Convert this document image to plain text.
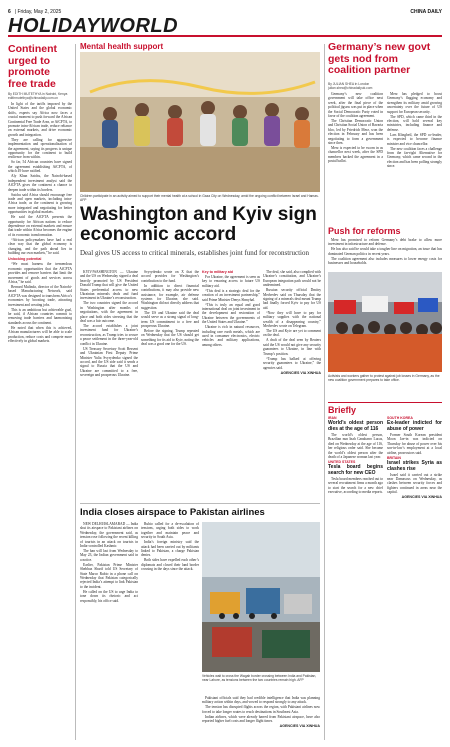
6 | Friday, May 2, 2025	CHINA DAILY
HOLIDAYWORLD
Continent urged to promote free trade
By EDITH MUTETHYA in Nairobi, Kenya
edithmutethya@chinadaily.com.cn

In light of the tariffs imposed by the United States and the global economic shifts, experts say Africa now faces a crucial moment to push forward the African Continental Free Trade Area, or AfCFTA, to promote intra-African trade, reduce reliance on external markets, and drive economic growth and integration.

They are calling for aggressive implementation and operationalization of the agreement, saying its progress is unique opportunity for the continent to build resilience from within.

So far, 54 African countries have signed the agreement establishing AfCFTA, of which 49 have ratified.

Aly Khan Satchu, the Nairobi-based independent investment analyst said the AfCFTA gives the continent a chance to deepen trade within its borders.

Satchu said Africa should encourage free trade and open markets, including intra-Africa trade, as the continent is growing more integrated and negotiating for better opportunities in global markets.

He said the AfCFTA presents the opportunity for African nations to reduce dependence on external markets and ensure that trade within Africa becomes the engine of its economic transformation.

“African policymakers have had a real clear way that the global economy is changing, and the path ahead lies in building our own markets,” he said.

Unlocking potential

“We must harness the tremendous economic opportunities that the AfCFTA provides and remove barriers that limit the movement of goods and services across Africa,” he said.

Bernard Mulinda, director of the Nairobi-based Manufacturing Network, said AfCFTA was designed to transform Africa’s economies by boosting trade, attracting investment and creating jobs.

This is an ambitious but achievable goal, he said, if African countries commit to removing trade barriers and harmonizing standards across the continent.

He noted that when this is achieved, African manufacturers will be able to scale production, reduce costs and compete more effectively in global markets.

Mental health support
Children participate in an activity aimed to support their mental health at a school in Gaza City on Wednesday, amid the ongoing conflict between Israel and Hamas. AFP
Washington and Kyiv sign economic accord
Deal gives US access to critical minerals, establishes joint fund for reconstruction

KYIV/WASHINGTON — Ukraine and the US on Wednesday signed a deal heavily promoted by US President Donald Trump that will give the United States preferential access to new Ukrainian minerals deals and fund investment in Ukraine’s reconstruction.

The two countries signed the accord in Washington after months of negotiations, with the agreement in place and both sides stressing that the deal was a fair outcome.

The accord establishes a joint investment fund for Ukraine’s reconstruction, as Trump tries to secure a peace settlement in the three-year-old conflict in Ukraine.

US Treasury Secretary Scott Bessent and Ukrainian First Deputy Prime Minister Yulia Svyrydenko signed the accord, and the US side said it sends a signal to Russia that the US and Ukraine are committed to a free, sovereign and prosperous Ukraine.

Svyrydenko wrote on X that the accord provides for Washington’s contribution to the fund.

In addition to direct financial contributions, it may also provide new assistance, for example, air defense systems for Ukraine, she said. Washington did not directly address that suggestion.

The US and Ukraine said the deal would serve as a strong signal of long-term US commitment to a free and prosperous Ukraine.

Before the signing, Trump repeated on Wednesday that the US should get something for its aid to Kyiv, noting the deal was a good one for the US.

Key to military aid

For Ukraine, the agreement is seen as key to ensuring access to future US military aid.

“This deal is a strategic deal for the creation of an investment partnership,” said Prime Minister Denys Shmyhal.

“This is truly an equal and good international deal on joint investment in the development and restoration of Ukraine between the governments of the United States and Ukraine.”

Ukraine is rich in natural resources, including rare earth metals, which are used in consumer electronics, electric vehicles and military applications, among others.

The deal, she said, also complied with Ukraine’s constitution, and Ukraine’s European integration path would not be undermined.

Russian security official Dmitry Medvedev said on Thursday that the signing of a minerals deal meant Trump had finally forced Kyiv to pay for US aid.

“Now they will have to pay for military supplies with the national wealth of a disappearing country,” Medvedev wrote on Telegram.

The US and Kyiv are yet to comment on the deal.

A draft of the deal seen by Reuters said the US would not give any security guarantees to Ukraine, in line with Trump’s position.

“Trump has balked at offering security guarantees to Ukraine,” the agencies said.

AGENCIES VIA XINHUA

India closes airspace to Pakistan airlines

NEW DELHI/ISLAMABAD — India shut its airspace to Pakistani airlines on Wednesday, the government said, as tension rose following the recent killing of tourists in an attack on tourists in India-controlled Kashmir.

The ban will last from Wednesday to May 23, the Indian government said in a notice.

Earlier, Pakistan Prime Minister Shehbaz Sharif told US Secretary of State Marco Rubio in a phone call on Wednesday that Pakistan categorically rejected India’s attempt to link Pakistan to the incident.

He called on the US to urge India to tone down its rhetoric and act responsibly, his office said.

Rubio called for a de-escalation of tensions, urging both sides to work together and maintain peace and security in South Asia.

India’s foreign ministry said the attack had been carried out by militants linked to Pakistan, a charge Pakistan denies.

Both sides have expelled each other’s diplomats and closed their land border crossing in the days since the attack.

Vehicles wait to cross the Wagah border crossing between India and Pakistan, near Lahore, as tensions between the two countries remain high. AFP

Pakistani officials said they had credible intelligence that India was planning military action within days, and vowed to respond strongly to any attack.

The tension has disrupted flights across the region, with Pakistani airlines now forced to take longer routes to reach destinations in Southeast Asia.

Indian airlines, which were already barred from Pakistani airspace, have also reported higher fuel costs and longer flight times.

AGENCIES VIA XINHUA

Germany’s new govt gets nod from coalition partner
By JULIAN SHEA in London
julian.shea@chinadailyuk.com

Germany’s new coalition government will take office next week, after the final piece of the political jigsaw was put in place when the Social Democratic Party voted in favor of the coalition agreement.

The Christian Democratic Union and Christian Social Union of Bavaria bloc, led by Friedrich Merz, won the election in February and has been negotiating to form a government since then.

Merz is expected to be sworn in as chancellor next week, after the SPD members backed the agreement in a postal ballot.

Merz has pledged to boost Germany’s flagging economy and strengthen its military amid growing uncertainty over the future of US support for European security.

The SPD, which came third in the election, will hold several key ministries, including finance and defense.

Lars Klingbeil, the SPD co-leader, is expected to become finance minister and vice chancellor.

The new coalition faces a challenge from the far-right Alternative for Germany, which came second in the election and has been polling strongly since.

Push for reforms

Merz has promised to reform Germany’s debt brake to allow more investment in infrastructure and defense.

He has also said he would take a tougher line on migration, an issue that has dominated German politics in recent years.

The coalition agreement also includes measures to lower energy costs for businesses and households.

Activists and workers gather to protest against job losses in Germany, as the new coalition government prepares to take office.
Briefly
IRAN
World’s oldest person dies at the age of 116

The world’s oldest person, Brazilian nun Inah Canabarro Lucas, died on Wednesday at the age of 116, her religious order said. She became the world’s oldest person after the death of a Japanese woman last year.

UNITED STATES
Tesla board begins search for new CEO

Tesla board members reached out to several recruitment firms a month ago to start the search for a new chief executive, according to media reports.

SOUTH KOREA
Ex-leader indicted for abuse of power

Former South Korean president Moon Jae-in was indicted on Thursday for abuse of power over his son-in-law’s employment at a local airline, prosecutors said.

BRITAIN
Israel strikes Syria as clashes rise

Israel said it carried out a strike near Damascus on Wednesday, as clashes between security forces and fighters continued in areas near the capital.

AGENCIES VIA XINHUA
